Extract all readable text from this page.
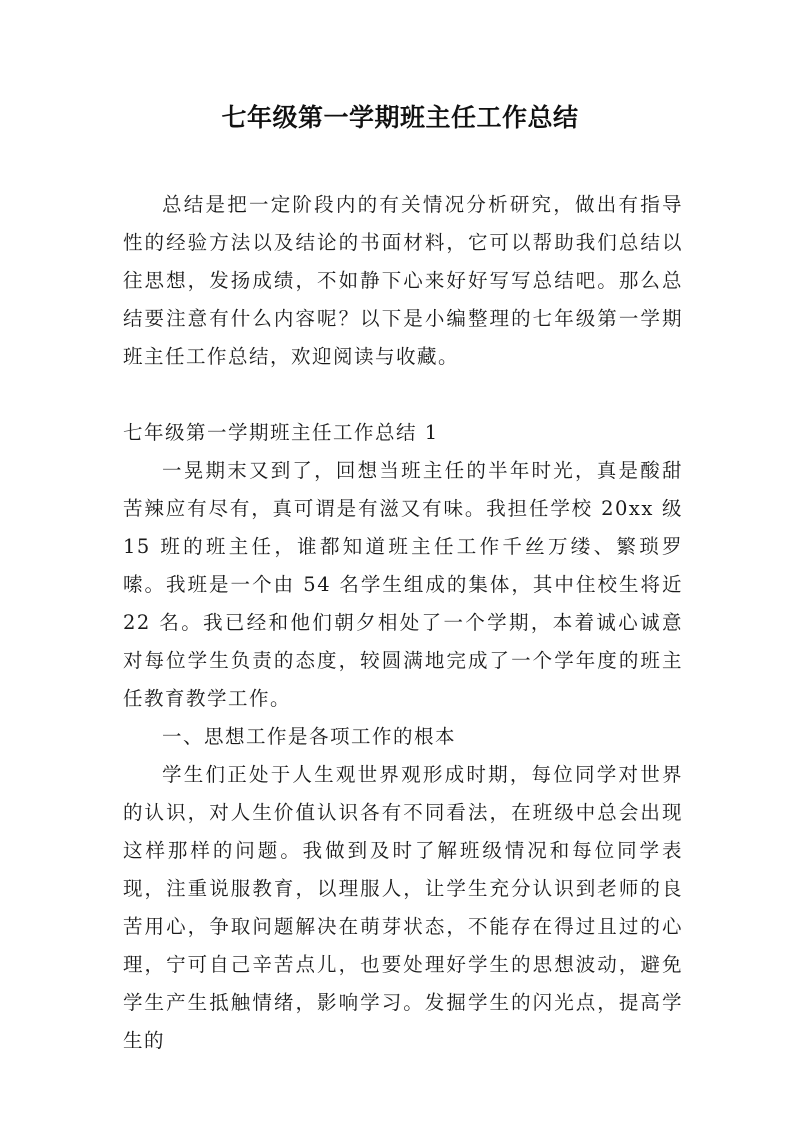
七年级第一学期班主任工作总结

总结是把一定阶段内的有关情况分析研究，做出有指导性的经验方法以及结论的书面材料，它可以帮助我们总结以往思想，发扬成绩，不如静下心来好好写写总结吧。那么总结要注意有什么内容呢？以下是小编整理的七年级第一学期班主任工作总结，欢迎阅读与收藏。

七年级第一学期班主任工作总结 1

一晃期末又到了，回想当班主任的半年时光，真是酸甜苦辣应有尽有，真可谓是有滋又有味。我担任学校 20xx 级 15 班的班主任，谁都知道班主任工作千丝万缕、繁琐罗嗦。我班是一个由 54 名学生组成的集体，其中住校生将近 22 名。我已经和他们朝夕相处了一个学期，本着诚心诚意对每位学生负责的态度，较圆满地完成了一个学年度的班主任教育教学工作。

一、思想工作是各项工作的根本

学生们正处于人生观世界观形成时期，每位同学对世界的认识，对人生价值认识各有不同看法，在班级中总会出现这样那样的问题。我做到及时了解班级情况和每位同学表现，注重说服教育，以理服人，让学生充分认识到老师的良苦用心，争取问题解决在萌芽状态，不能存在得过且过的心理，宁可自己辛苦点儿，也要处理好学生的思想波动，避免学生产生抵触情绪，影响学习。发掘学生的闪光点，提高学生的
